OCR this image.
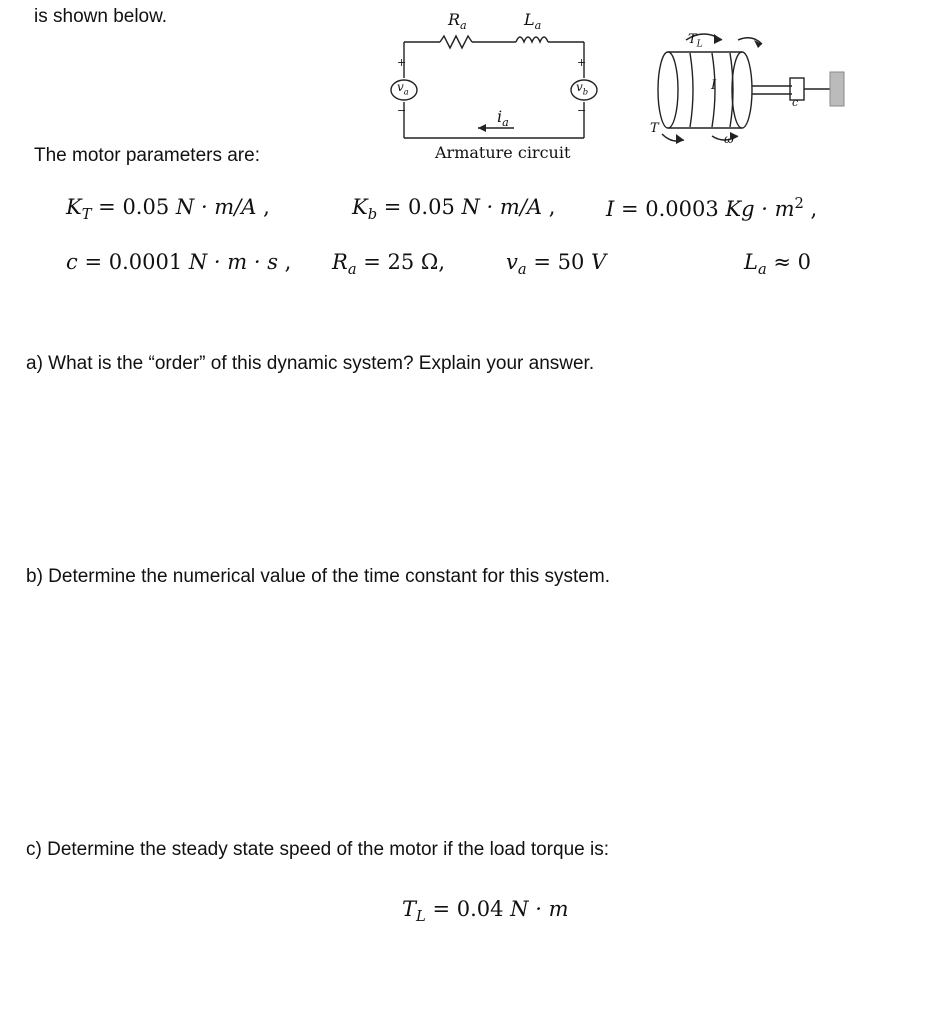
is shown below.	$R_a$	$L_a$
+
−
$v_a$
+
−
$v_b$
$i_a$
Armature circuit
T
$T_L$
I
ω
c
The motor parameters are:
$K_T = 0.05$ N · m/A ,	$K_b = 0.05$ N · m/A , I = 0.0003 $Kg \cdot m^2$ ,
c = 0.0001 N · m · s , $R_a = 25$ Ω,	$v_a = 50$ V	$L_a \approx 0$
a) What is the “order” of this dynamic system? Explain your answer.
b) Determine the numerical value of the time constant for this system.
c) Determine the steady state speed of the motor if the load torque is:
$T_L = 0.04$ N · m
